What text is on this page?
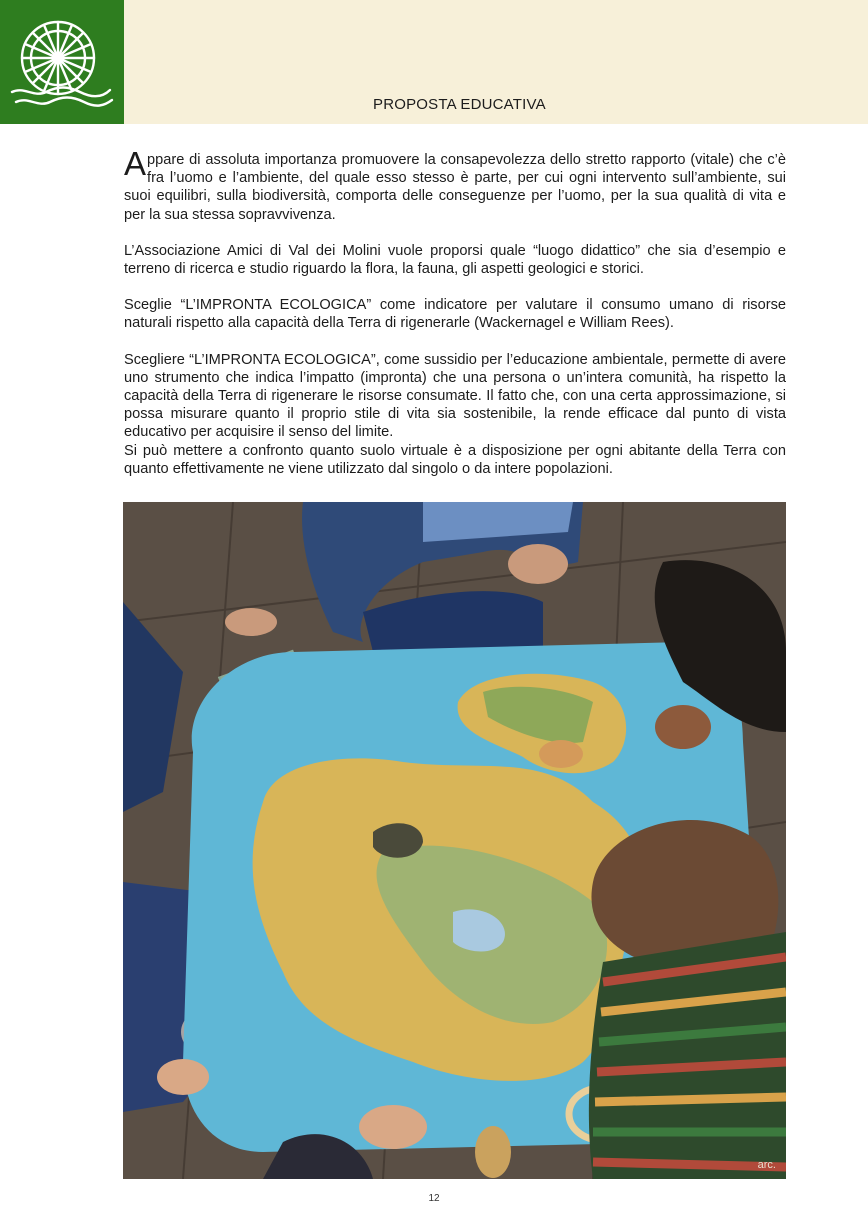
PROPOSTA EDUCATIVA

Appare di assoluta importanza promuovere la consapevolezza dello stretto rapporto (vitale) che c’è fra l’uomo e l’ambiente, del quale esso stesso è parte, per cui ogni intervento sull’ambiente, sui suoi equilibri, sulla biodiversità, comporta delle conseguenze per l’uomo, per la sua qualità di vita e per la sua stessa sopravvivenza.

L’Associazione Amici di Val dei Molini vuole proporsi quale “luogo didattico” che sia d’esempio e terreno di ricerca e studio riguardo la flora, la fauna, gli aspetti geologici e storici.

Sceglie “L’IMPRONTA ECOLOGICA” come indicatore per valutare il consumo umano di risorse naturali rispetto alla capacità della Terra di rigenerarle (Wackernagel e William Rees).

Scegliere “L’IMPRONTA ECOLOGICA”, come sussidio per l’educazione ambientale, permette di avere uno strumento che indica l’impatto (impronta) che una persona o un’intera comunità, ha rispetto la capacità della Terra di rigenerare le risorse consumate. Il fatto che, con una certa approssimazione, si possa misurare quanto il proprio stile di vita sia sostenibile, la rende efficace dal punto di vista educativo per acquisire il senso del limite.

Si può mettere a confronto quanto suolo virtuale è a disposizione per ogni abitante della Terra con quanto effettivamente ne viene utilizzato dal singolo o da intere popolazioni.

arc.
12
